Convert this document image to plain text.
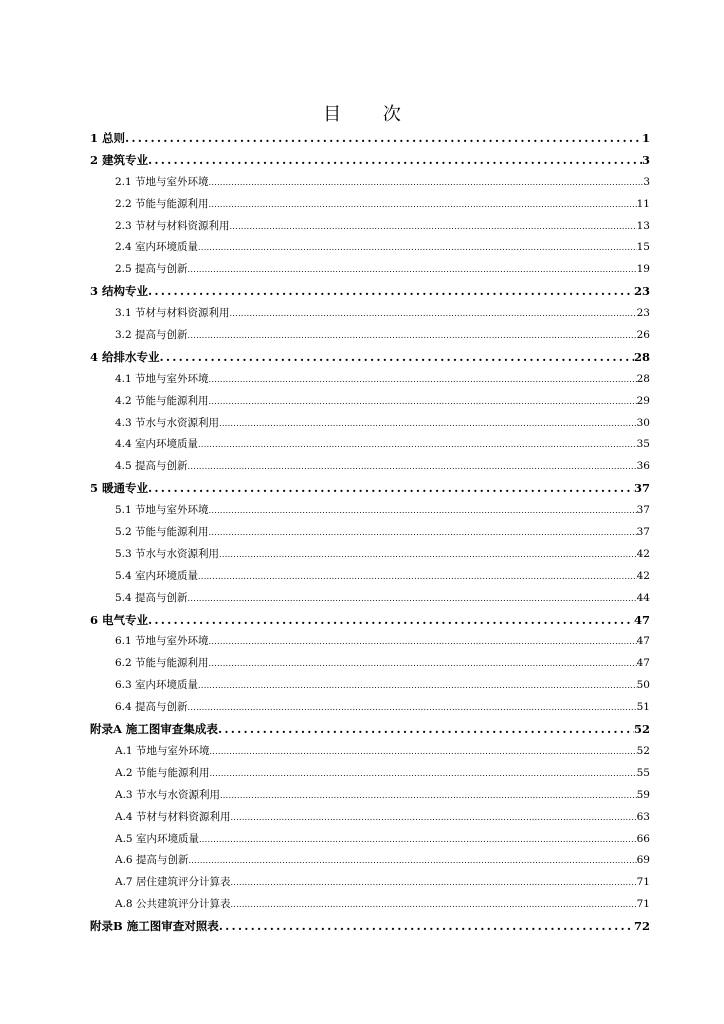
目 次
1 总则 .....	1
2 建筑专业 .....	3
2.1 节地与室外环境 .....	3
2.2 节能与能源利用 .....	11
2.3 节材与材料资源利用 .....	13
2.4 室内环境质量 .....	15
2.5 提高与创新 .....	19
3 结构专业 .....	23
3.1 节材与材料资源利用 .....	23
3.2 提高与创新 .....	26
4 给排水专业 .....	28
4.1 节地与室外环境 .....	28
4.2 节能与能源利用 .....	29
4.3 节水与水资源利用 .....	30
4.4 室内环境质量 .....	35
4.5 提高与创新 .....	36
5 暖通专业 .....	37
5.1 节地与室外环境 .....	37
5.2 节能与能源利用 .....	37
5.3 节水与水资源利用 .....	42
5.4 室内环境质量 .....	42
5.4 提高与创新 .....	44
6 电气专业 .....	47
6.1 节地与室外环境 .....	47
6.2 节能与能源利用 .....	47
6.3 室内环境质量 .....	50
6.4 提高与创新 .....	51
附录A 施工图审查集成表 .....	52
A.1 节地与室外环境 .....	52
A.2 节能与能源利用 .....	55
A.3 节水与水资源利用 .....	59
A.4 节材与材料资源利用 .....	63
A.5 室内环境质量 .....	66
A.6 提高与创新 .....	69
A.7 居住建筑评分计算表 .....	71
A.8 公共建筑评分计算表 .....	71
附录B 施工图审查对照表 .....	72
